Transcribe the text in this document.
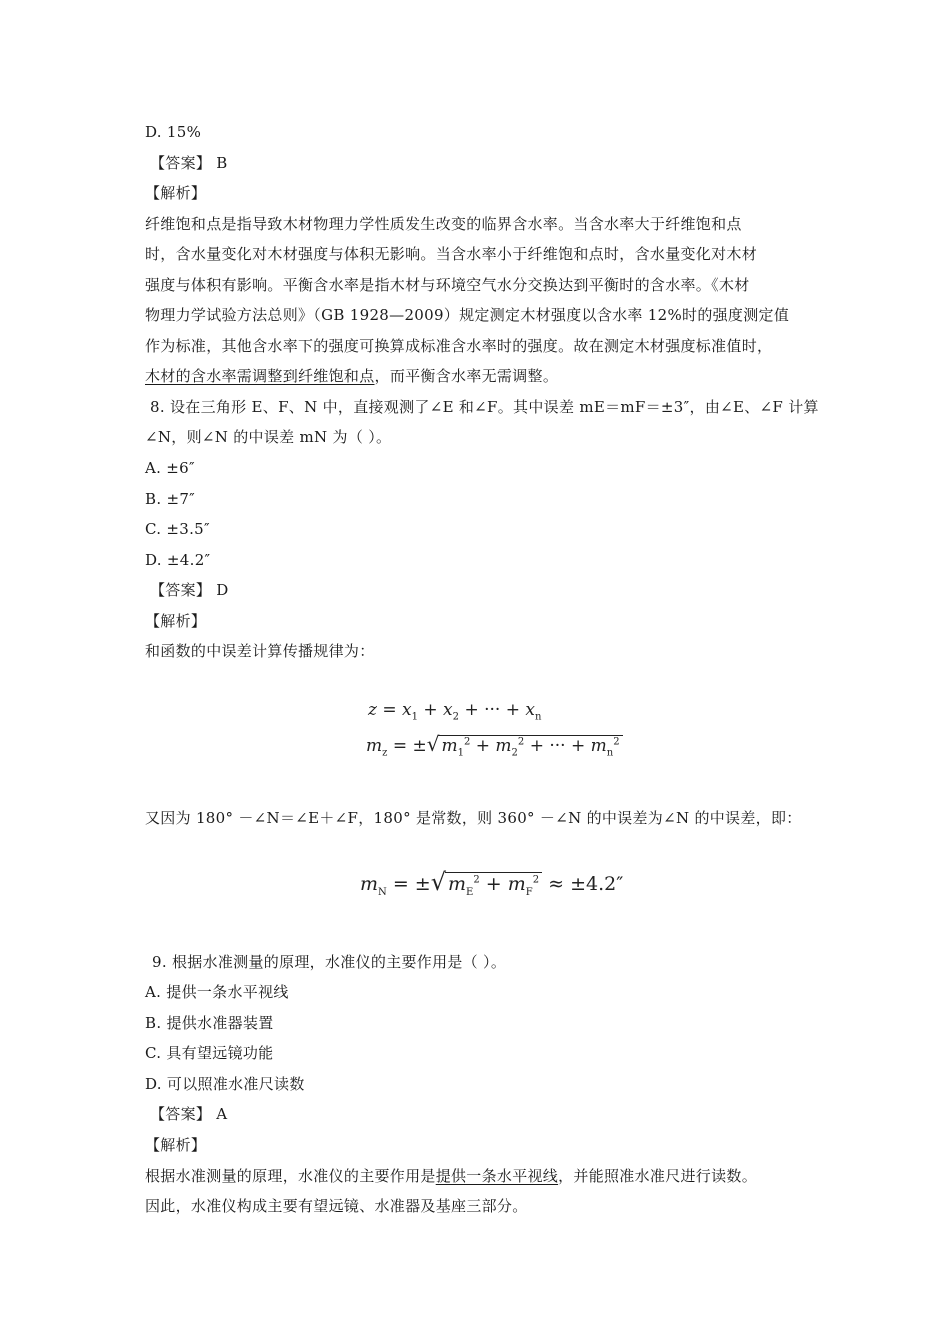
D. 15%
【答案】 B
【解析】
纤维饱和点是指导致木材物理力学性质发生改变的临界含水率。当含水率大于纤维饱和点
时，含水量变化对木材强度与体积无影响。当含水率小于纤维饱和点时，含水量变化对木材
强度与体积有影响。平衡含水率是指木材与环境空气水分交换达到平衡时的含水率。《木材
物理力学试验方法总则》（GB 1928—2009）规定测定木材强度以含水率 12%时的强度测定值
作为标准，其他含水率下的强度可换算成标准含水率时的强度。故在测定木材强度标准值时，
木材的含水率需调整到纤维饱和点，而平衡含水率无需调整。
8. 设在三角形 E、F、N 中，直接观测了∠E 和∠F。其中误差 mE＝mF＝±3″，由∠E、∠F 计算
∠N，则∠N 的中误差 mN 为（ ）。
A. ±6″
B. ±7″
C. ±3.5″
D. ±4.2″
【答案】 D
【解析】
和函数的中误差计算传播规律为：
$z = x_1 + x_2$ + ··· + $x_n$
$m_z$ = ±√ $m_1^2 + m_2^2$ + ··· + $m_n^2$
又因为 180° －∠N＝∠E＋∠F，180° 是常数，则 360° －∠N 的中误差为∠N 的中误差，即：
$m_N$ = ±√ $m_E^2 + m_F^2 \approx \pm 4.2''$
9. 根据水准测量的原理，水准仪的主要作用是（ ）。
A. 提供一条水平视线
B. 提供水准器装置
C. 具有望远镜功能
D. 可以照准水准尺读数
【答案】 A
【解析】
根据水准测量的原理，水准仪的主要作用是提供一条水平视线，并能照准水准尺进行读数。
因此，水准仪构成主要有望远镜、水准器及基座三部分。
